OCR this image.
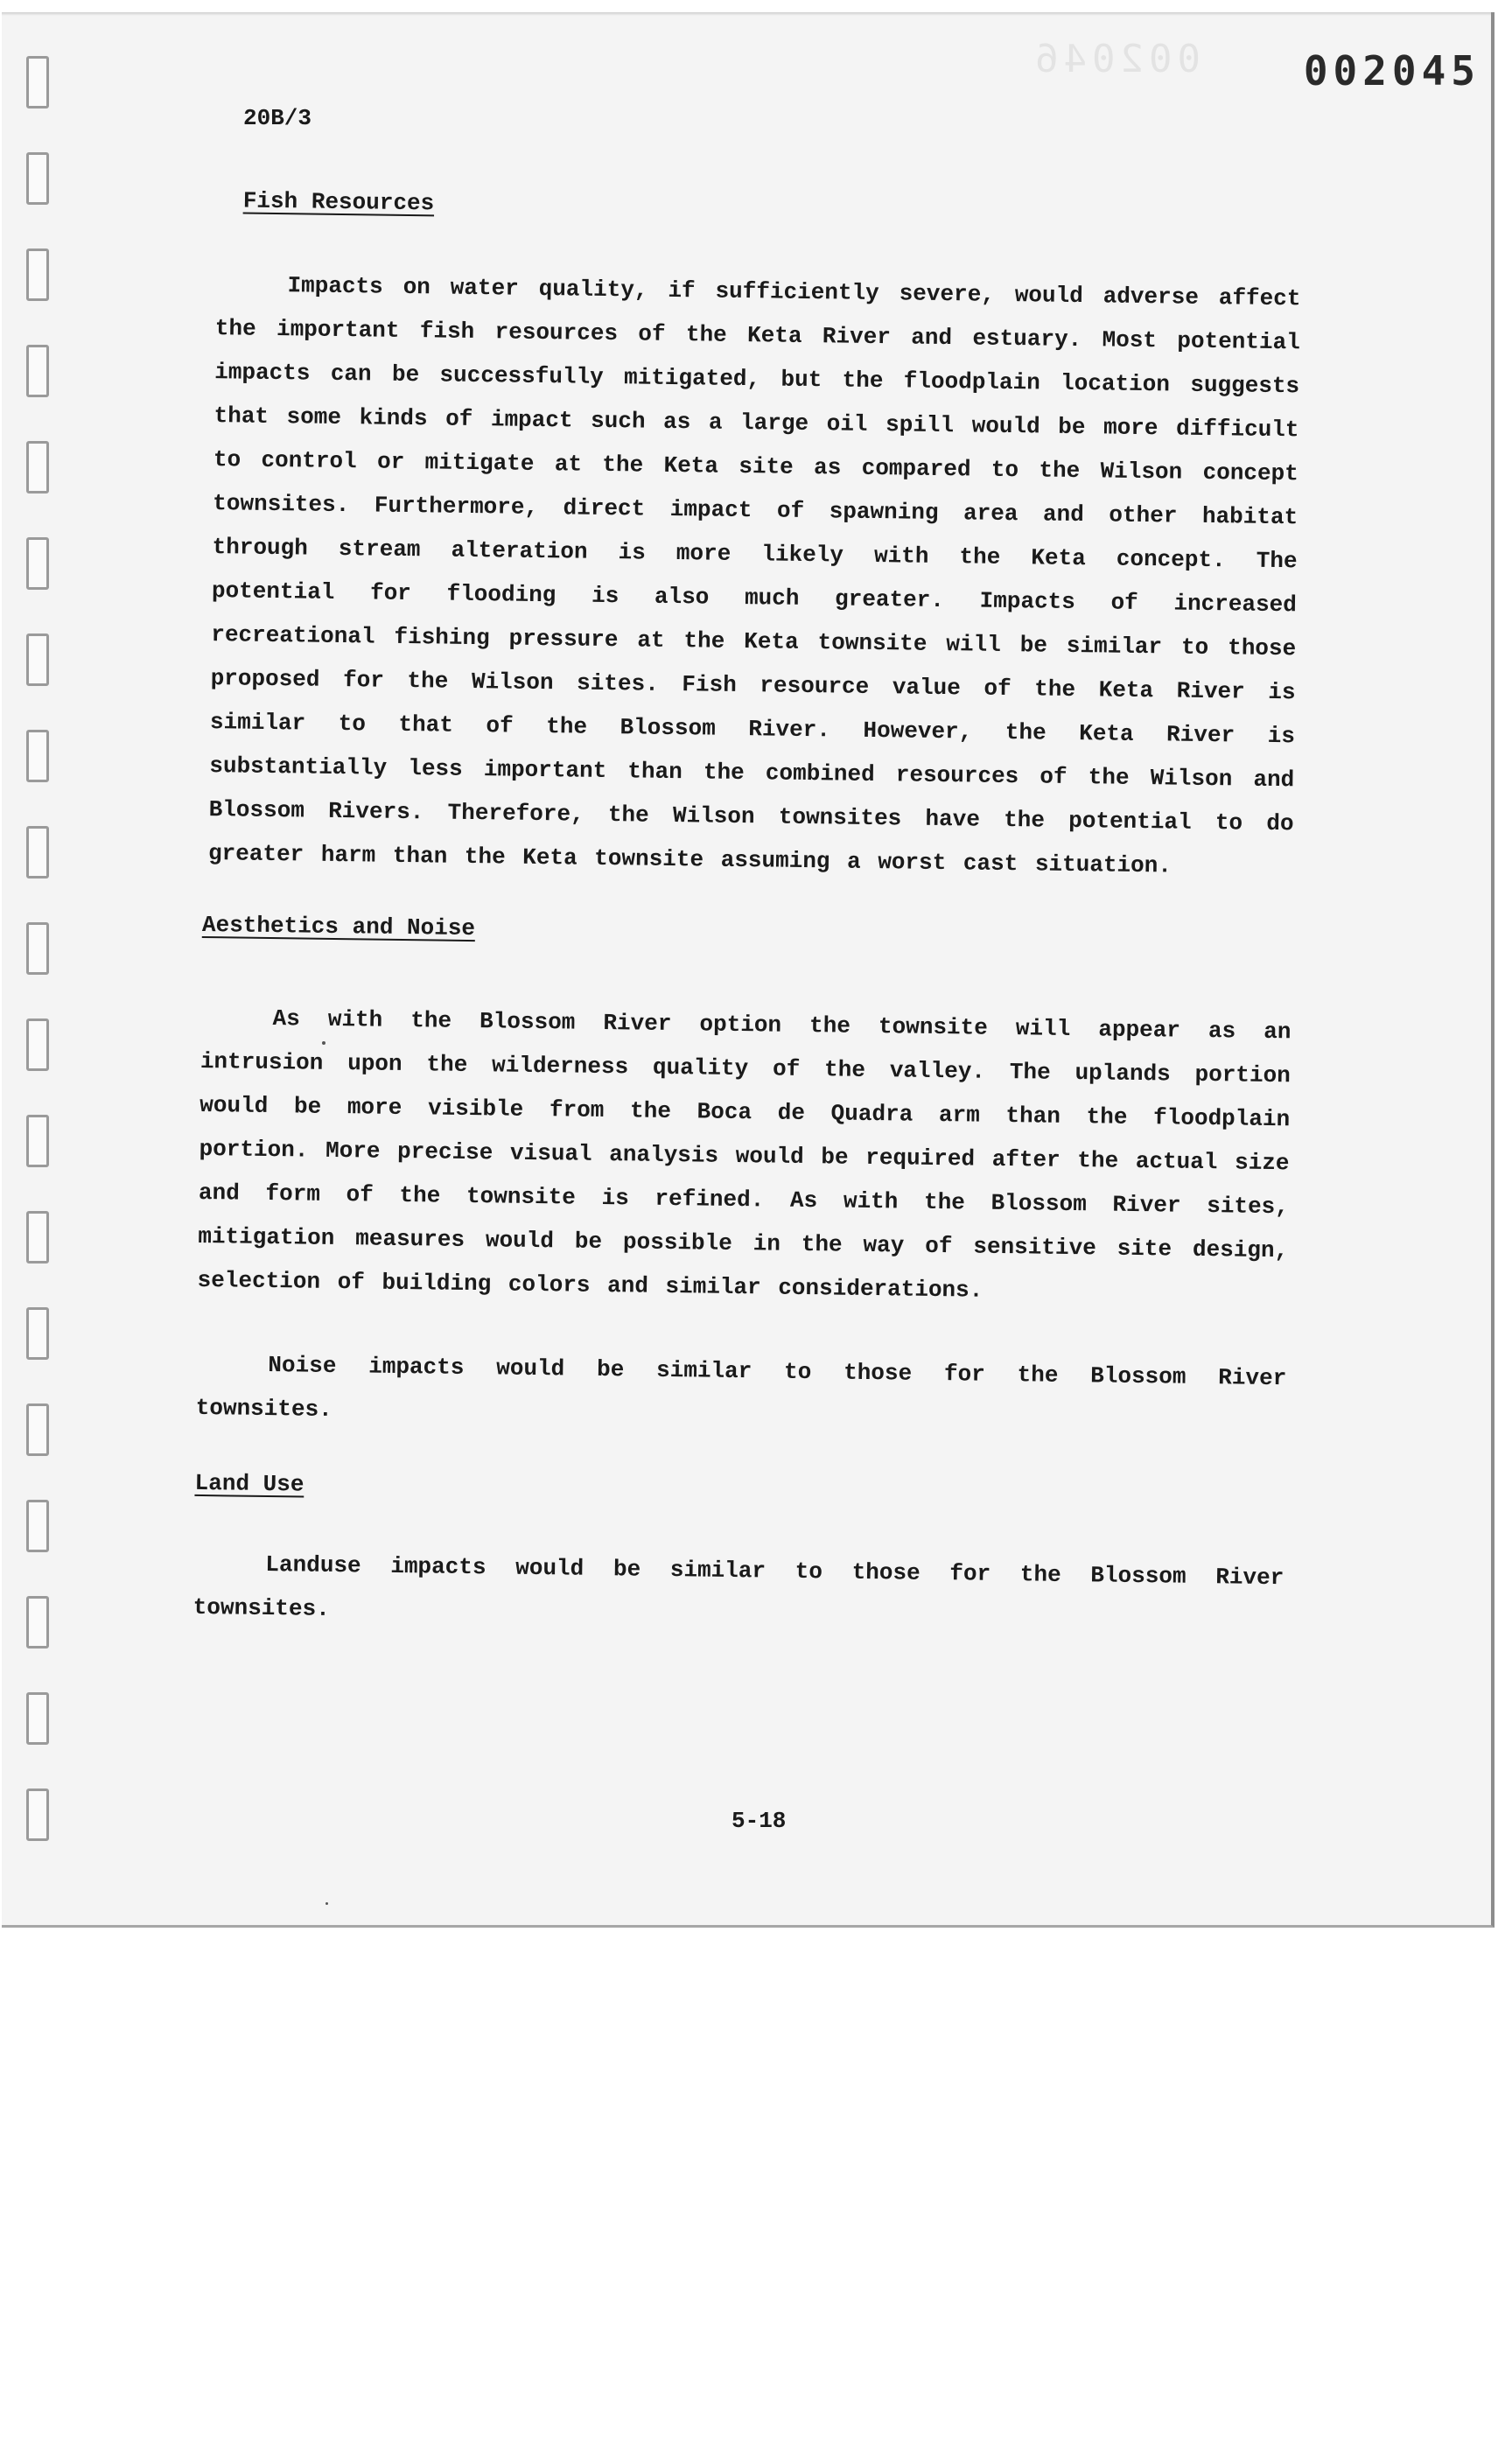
002046	002045
20B/3
Fish Resources

Impacts on water quality, if sufficiently severe, would adverse affect the important fish resources of the Keta River and estuary. Most potential impacts can be successfully mitigated, but the floodplain location suggests that some kinds of impact such as a large oil spill would be more difficult to control or mitigate at the Keta site as compared to the Wilson concept townsites. Furthermore, direct impact of spawning area and other habitat through stream alteration is more likely with the Keta concept. The potential for flooding is also much greater. Impacts of increased recreational fishing pressure at the Keta townsite will be similar to those proposed for the Wilson sites. Fish resource value of the Keta River is similar to that of the Blossom River. However, the Keta River is substantially less important than the combined resources of the Wilson and Blossom Rivers. Therefore, the Wilson townsites have the potential to do greater harm than the Keta townsite assuming a worst cast situation.

Aesthetics and Noise

As with the Blossom River option the townsite will appear as an intrusion upon the wilderness quality of the valley. The uplands portion would be more visible from the Boca de Quadra arm than the floodplain portion. More precise visual analysis would be required after the actual size and form of the townsite is refined. As with the Blossom River sites, mitigation measures would be possible in the way of sensitive site design, selection of building colors and similar considerations.

Noise impacts would be similar to those for the Blossom River townsites.

Land Use

Landuse impacts would be similar to those for the Blossom River townsites.

5-18
